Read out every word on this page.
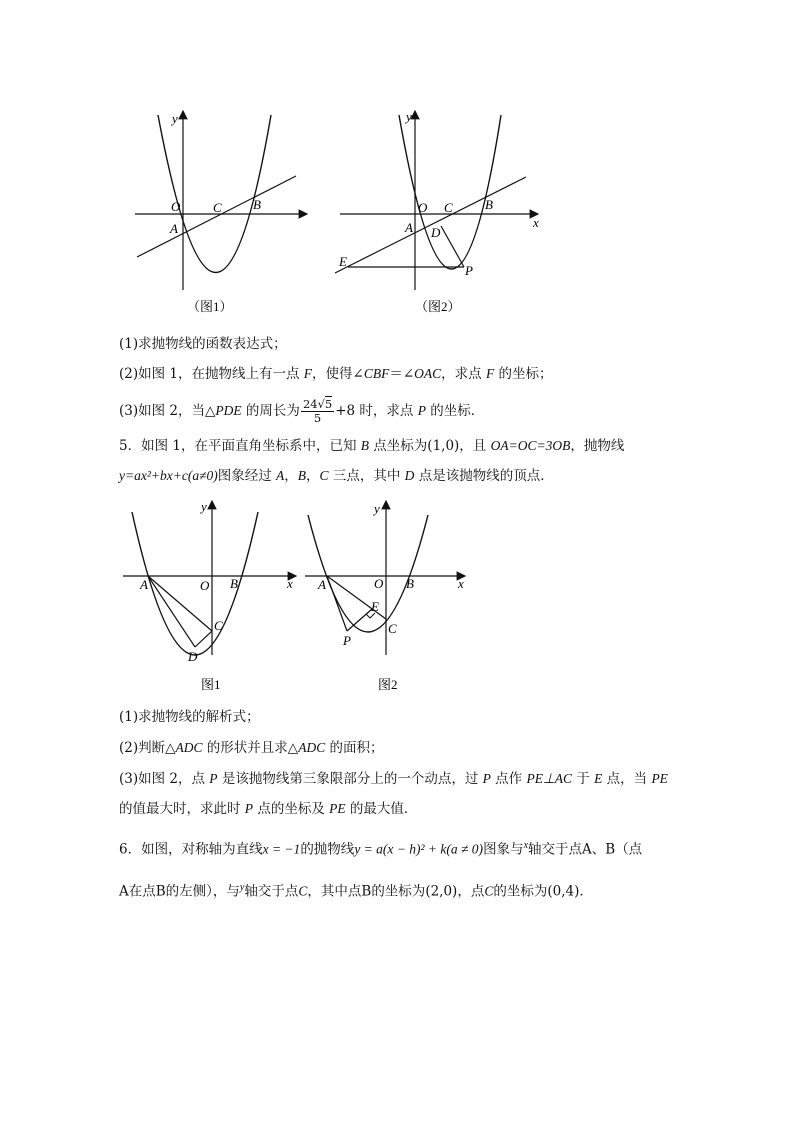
y
O	C B
A
（图1）
y
x
O C B
A D
E
P
（图2）
(1)求抛物线的函数表达式；
(2)如图 1，在抛物线上有一点 F，使得∠CBF＝∠OAC，求点 F 的坐标；
(3)如图 2，当△PDE 的周长为 $\frac{24√5}{5} +8$ 时，求点 P 的坐标．
5．如图 1，在平面直角坐标系中，已知 B 点坐标为(1,0)，且 OA=OC=3OB，抛物线
y=ax²+bx+c(a≠0)图象经过 A，B，C 三点，其中 D 点是该抛物线的顶点．
y
x
A	O B
C
D
图1
y
x
A	O B
E
C
P
图2
(1)求抛物线的解析式；
(2)判断△ADC 的形状并且求△ADC 的面积；
(3)如图 2，点 P 是该抛物线第三象限部分上的一个动点，过 P 点作 PE⊥AC 于 E 点，当 PE
的值最大时，求此时 P 点的坐标及 PE 的最大值．
6．如图，对称轴为直线x = −1的抛物线y = a(x − h)² + k(a ≠ 0)图象与$^x$轴交于点A、B（点
A在点B的左侧），与$^y$轴交于点C，其中点B的坐标为(2,0)，点C的坐标为(0,4)．
